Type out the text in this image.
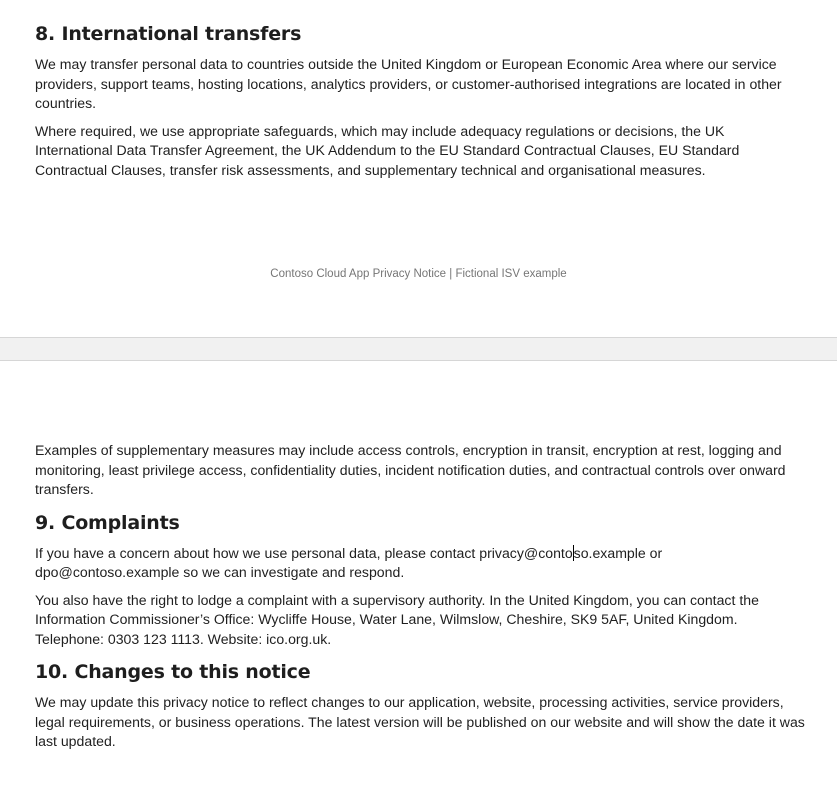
8. International transfers

We may transfer personal data to countries outside the United Kingdom or European Economic Area where our service providers, support teams, hosting locations, analytics providers, or customer-authorised integrations are located in other countries.

Where required, we use appropriate safeguards, which may include adequacy regulations or decisions, the UK International Data Transfer Agreement, the UK Addendum to the EU Standard Contractual Clauses, EU Standard Contractual Clauses, transfer risk assessments, and supplementary technical and organisational measures.

Contoso Cloud App Privacy Notice | Fictional ISV example

Examples of supplementary measures may include access controls, encryption in transit, encryption at rest, logging and monitoring, least privilege access, confidentiality duties, incident notification duties, and contractual controls over onward transfers.

9. Complaints

If you have a concern about how we use personal data, please contact privacy@contoso.example or dpo@contoso.example so we can investigate and respond.

You also have the right to lodge a complaint with a supervisory authority. In the United Kingdom, you can contact the Information Commissioner’s Office: Wycliffe House, Water Lane, Wilmslow, Cheshire, SK9 5AF, United Kingdom. Telephone: 0303 123 1113. Website: ico.org.uk.

10. Changes to this notice

We may update this privacy notice to reflect changes to our application, website, processing activities, service providers, legal requirements, or business operations. The latest version will be published on our website and will show the date it was last updated.
